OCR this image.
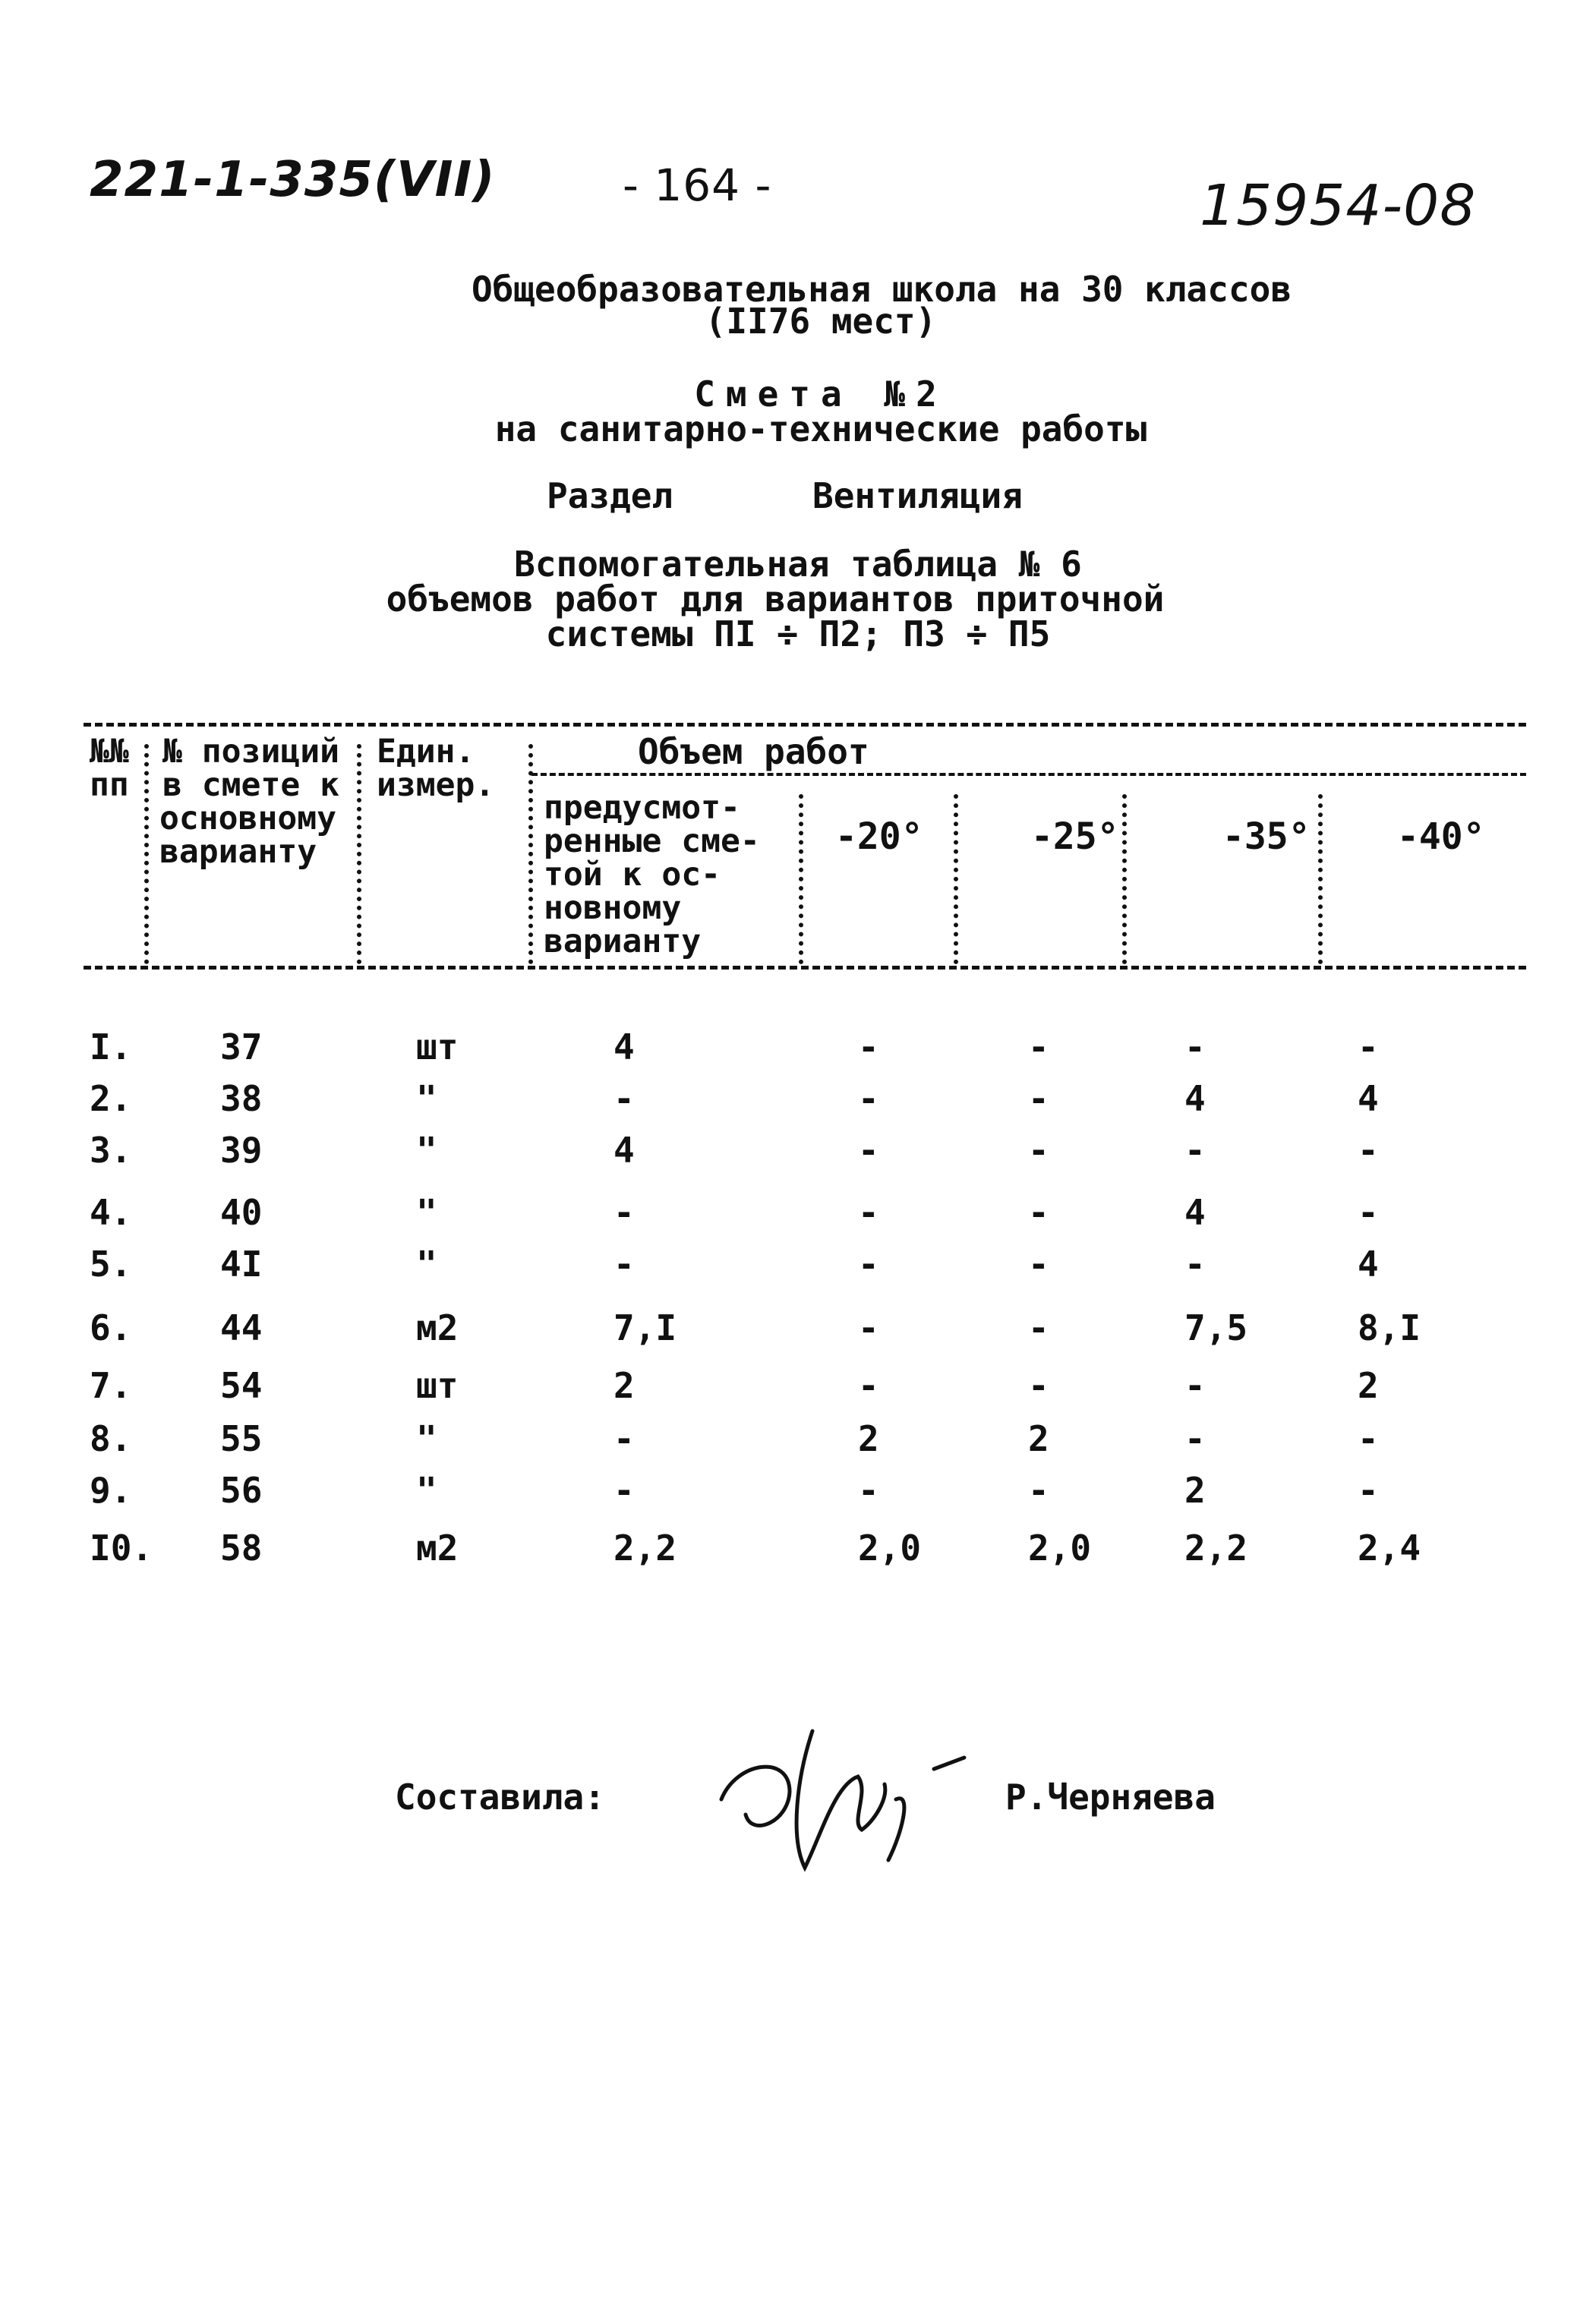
221-1-335(VII)	- 164 -	15954-08
Общеобразовательная школа на 30 классов
(II76 мест)
Смета №2
на санитарно-технические работы
Раздел	Вентиляция
Вспомогательная таблица № 6
объемов работ для вариантов приточной
системы ПI ÷ П2; П3 ÷ П5
№№
пп
№ позиций
в смете к
основному
варианту
Един.
измер.
Объем работ
предусмот-
ренные сме-
той к ос-
новному
варианту
-20°	-25°	-35° -40°
I.	37	шт	4	-	-	-	-
2.	38	"	-	-	-	4	4
3.	39	"	4	-	-	-	-
4.	40	"	-	-	-	4	-
5.	4I	"	-	-	-	-	4
6.	44	м2	7,I	-	-	7,5	8,I
7.	54	шт	2	-	-	-	2
8.	55	"	-	2	2	-	-
9.	56	"	-	-	-	2	-
I0. 58	м2	2,2	2,0	2,0	2,2	2,4
Составила:	Р.Черняева
